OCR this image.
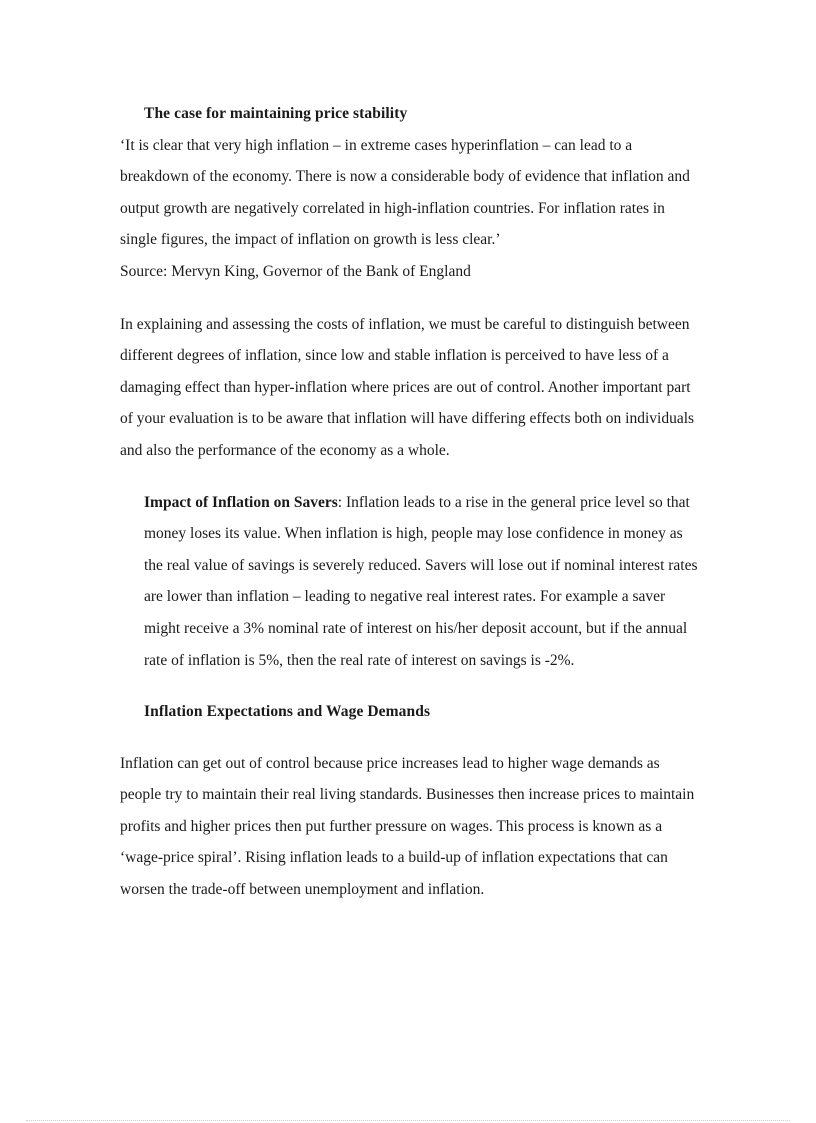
The case for maintaining price stability

‘It is clear that very high inflation – in extreme cases hyperinflation – can lead to a breakdown of the economy. There is now a considerable body of evidence that inflation and output growth are negatively correlated in high-inflation countries. For inflation rates in single figures, the impact of inflation on growth is less clear.’

Source: Mervyn King, Governor of the Bank of England

In explaining and assessing the costs of inflation, we must be careful to distinguish between different degrees of inflation, since low and stable inflation is perceived to have less of a damaging effect than hyper-inflation where prices are out of control. Another important part of your evaluation is to be aware that inflation will have differing effects both on individuals and also the performance of the economy as a whole.

Impact of Inflation on Savers: Inflation leads to a rise in the general price level so that money loses its value. When inflation is high, people may lose confidence in money as the real value of savings is severely reduced. Savers will lose out if nominal interest rates are lower than inflation – leading to negative real interest rates. For example a saver might receive a 3% nominal rate of interest on his/her deposit account, but if the annual rate of inflation is 5%, then the real rate of interest on savings is -2%.

Inflation Expectations and Wage Demands

Inflation can get out of control because price increases lead to higher wage demands as people try to maintain their real living standards. Businesses then increase prices to maintain profits and higher prices then put further pressure on wages. This process is known as a ‘wage-price spiral’. Rising inflation leads to a build-up of inflation expectations that can worsen the trade-off between unemployment and inflation.
